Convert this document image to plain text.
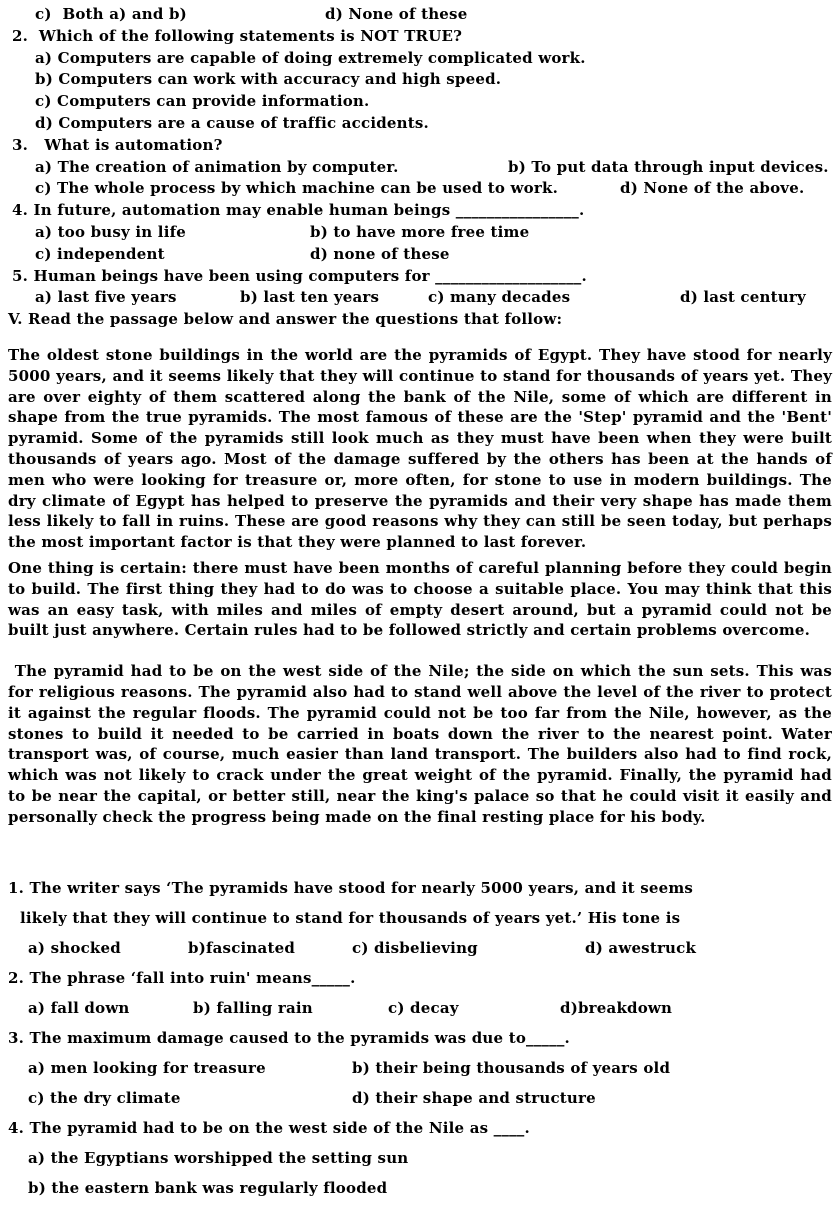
c)  Both a) and b)	d) None of these
2.  Which of the following statements is NOT TRUE?
a) Computers are capable of doing extremely complicated work.
b) Computers can work with accuracy and high speed.
c) Computers can provide information.
d) Computers are a cause of traffic accidents.
3.   What is automation?
a) The creation of animation by computer.	b) To put data through input devices.
c) The whole process by which machine can be used to work.	d) None of the above.
4. In future, automation may enable human beings ________________.
a) too busy in life	b) to have more free time
c) independent	d) none of these
5. Human beings have been using computers for ___________________.
a) last five years	b) last ten years	c) many decades	d) last century
V. Read the passage below and answer the questions that follow:

The oldest stone buildings in the world are the pyramids of Egypt. They have stood for nearly 5000 years, and it seems likely that they will continue to stand for thousands of years yet. They are over eighty of them scattered along the bank of the Nile, some of which are different in shape from the true pyramids. The most famous of these are the 'Step' pyramid and the 'Bent' pyramid. Some of the pyramids still look much as they must have been when they were built thousands of years ago. Most of the damage suffered by the others has been at the hands of men who were looking for treasure or, more often, for stone to use in modern buildings. The dry climate of Egypt has helped to preserve the pyramids and their very shape has made them less likely to fall in ruins. These are good reasons why they can still be seen today, but perhaps the most important factor is that they were planned to last forever.

One thing is certain: there must have been months of careful planning before they could begin to build. The first thing they had to do was to choose a suitable place. You may think that this was an easy task, with miles and miles of empty desert around, but a pyramid could not be built just anywhere. Certain rules had to be followed strictly and certain problems overcome.

The pyramid had to be on the west side of the Nile; the side on which the sun sets. This was for religious reasons. The pyramid also had to stand well above the level of the river to protect it against the regular floods. The pyramid could not be too far from the Nile, however, as the stones to build it needed to be carried in boats down the river to the nearest point. Water transport was, of course, much easier than land transport. The builders also had to find rock, which was not likely to crack under the great weight of the pyramid. Finally, the pyramid had to be near the capital, or better still, near the king's palace so that he could visit it easily and personally check the progress being made on the final resting place for his body.

1. The writer says ‘The pyramids have stood for nearly 5000 years, and it seems
likely that they will continue to stand for thousands of years yet.’ His tone is
a) shocked	b)fascinated	c) disbelieving	d) awestruck
2. The phrase ‘fall into ruin' means_____.
a) fall down	b) falling rain	c) decay	d)breakdown
3. The maximum damage caused to the pyramids was due to_____.
a) men looking for treasure	b) their being thousands of years old
c) the dry climate	d) their shape and structure
4. The pyramid had to be on the west side of the Nile as ____.
a) the Egyptians worshipped the setting sun
b) the eastern bank was regularly flooded
